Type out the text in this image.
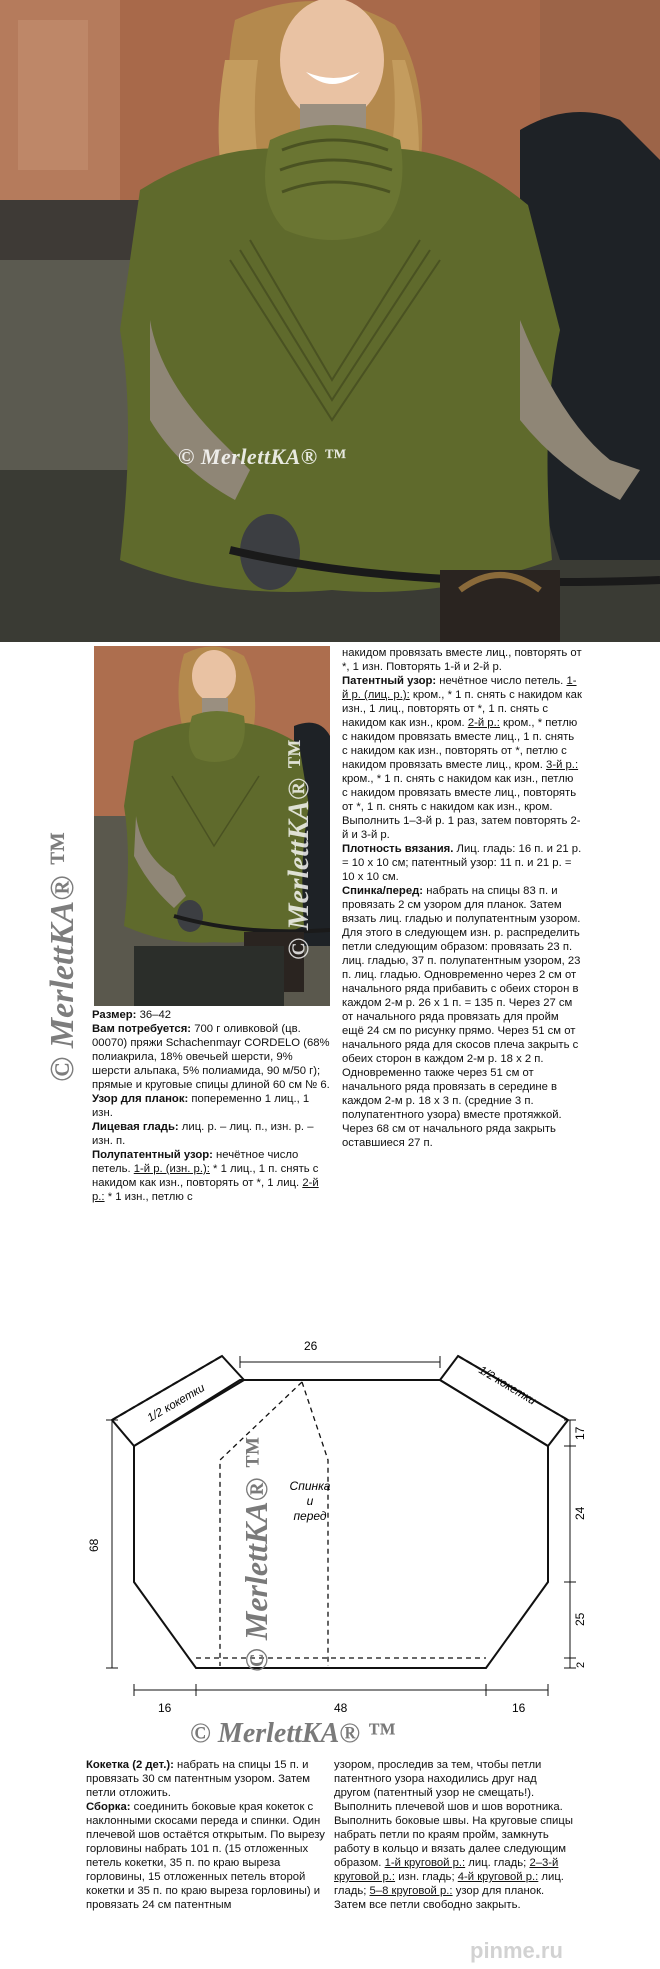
© MerlettKA® ™
© MerlettKA® ™
© MerlettKA® ™ Размер: 36–42

Вам потребуется: 700 г оливковой (цв. 00070) пряжи Schachenmayr CORDELO (68% полиакрила, 18% овечьей шерсти, 9% шерсти альпака, 5% полиамида, 90 м/50 г); прямые и круговые спицы длиной 60 см № 6.

Узор для планок: попеременно 1 лиц., 1 изн.

Лицевая гладь: лиц. р. – лиц. п., изн. р. – изн. п.

Полупатентный узор: нечётное число петель. 1-й р. (изн. р.): * 1 лиц., 1 п. снять с накидом как изн., повторять от *, 1 лиц. 2-й р.: * 1 изн., петлю с

накидом провязать вместе лиц., повторять от *, 1 изн. Повторять 1-й и 2-й р.

Патентный узор: нечётное число петель. 1-й р. (лиц. р.): кром., * 1 п. снять с накидом как изн., 1 лиц., повторять от *, 1 п. снять с накидом как изн., кром. 2-й р.: кром., * петлю с накидом провязать вместе лиц., 1 п. снять с накидом как изн., повторять от *, петлю с накидом провязать вместе лиц., кром. 3-й р.: кром., * 1 п. снять с накидом как изн., петлю с накидом провязать вместе лиц., повторять от *, 1 п. снять с накидом как изн., кром. Выполнить 1–3-й р. 1 раз, затем повторять 2-й и 3-й р.

Плотность вязания. Лиц. гладь: 16 п. и 21 р. = 10 х 10 см; патентный узор: 11 п. и 21 р. = 10 х 10 см.

Спинка/перед: набрать на спицы 83 п. и провязать 2 см узором для планок. Затем вязать лиц. гладью и полупатентным узором. Для этого в следующем изн. р. распределить петли следующим образом: провязать 23 п. лиц. гладью, 37 п. полупатентным узором, 23 п. лиц. гладью. Одновременно через 2 см от начального ряда прибавить с обеих сторон в каждом 2-м р. 26 х 1 п. = 135 п. Через 27 см от начального ряда провязать для пройм ещё 24 см по рисунку прямо. Через 51 см от начального ряда для скосов плеча закрыть с обеих сторон в каждом 2-м р. 18 х 2 п. Одновременно также через 51 см от начального ряда провязать в середине в каждом 2-м р. 18 х 3 п. (средние 3 п. полупатентного узора) вместе протяжкой. Через 68 см от начального ряда закрыть оставшиеся 27 п.

26
68
17
24
25
2
16	48	16
1/2 кокетки	1/2 кокетки
Спинка
и
перед
© MerlettKA® ™
© MerlettKA® ™

Кокетка (2 дет.): набрать на спицы 15 п. и провязать 30 см патентным узором. Затем петли отложить.

Сборка: соединить боковые края кокеток с наклонными скосами переда и спинки. Один плечевой шов остаётся открытым. По вырезу горловины набрать 101 п. (15 отложенных петель кокетки, 35 п. по краю выреза горловины, 15 отложенных петель второй кокетки и 35 п. по краю выреза горловины) и провязать 24 см патентным

узором, проследив за тем, чтобы петли патентного узора находились друг над другом (патентный узор не смещать!). Выполнить плечевой шов и шов воротника. Выполнить боковые швы. На круговые спицы набрать петли по краям пройм, замкнуть работу в кольцо и вязать далее следующим образом. 1-й круговой р.: лиц. гладь; 2–3-й круговой р.: изн. гладь; 4-й круговой р.: лиц. гладь; 5–8 круговой р.: узор для планок. Затем все петли свободно закрыть.

pinme.ru
